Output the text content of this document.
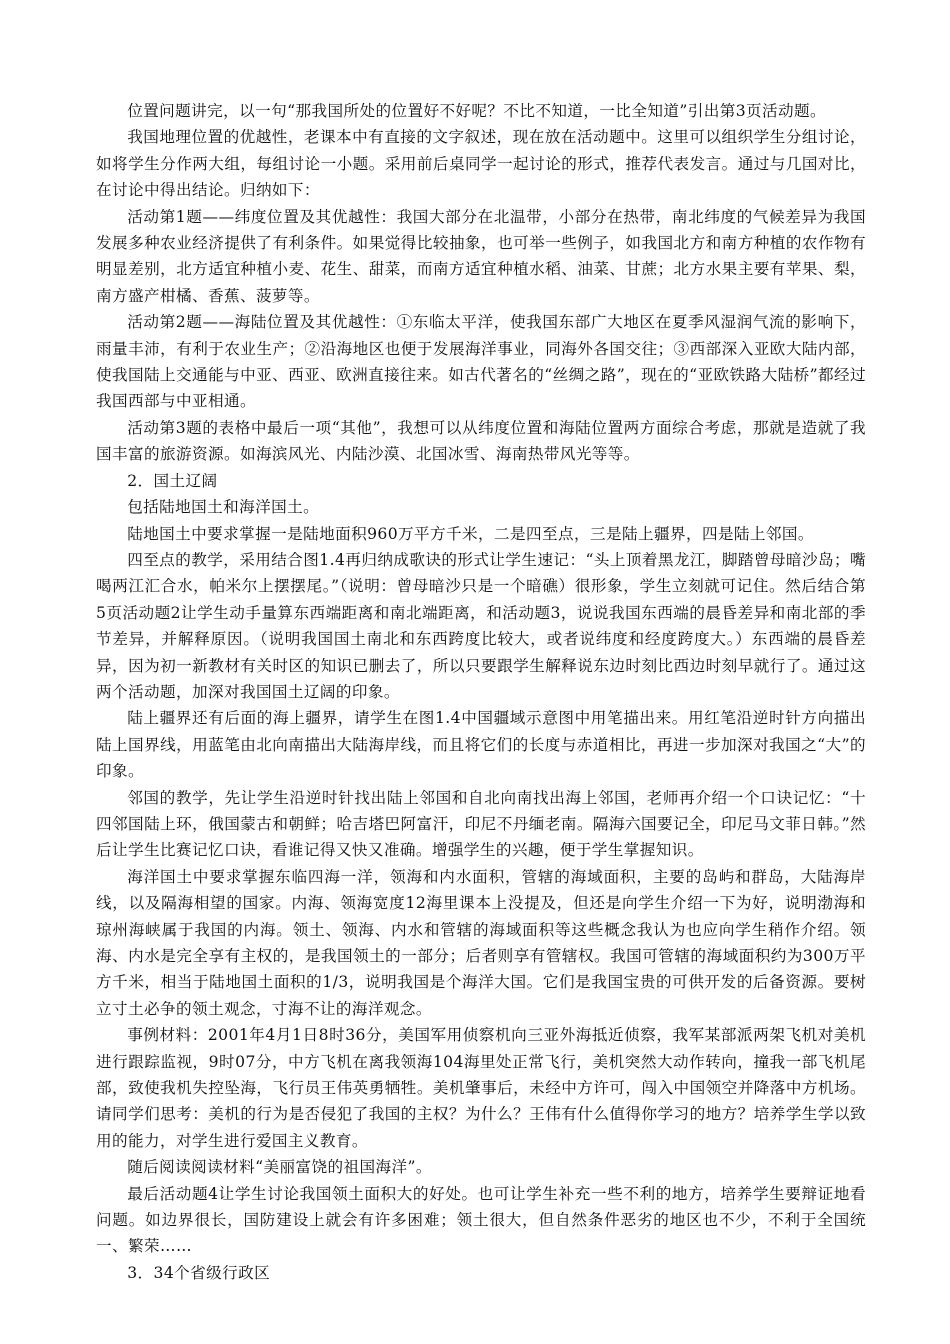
位置问题讲完，以一句“那我国所处的位置好不好呢？不比不知道，一比全知道”引出第3页活动题。

我国地理位置的优越性，老课本中有直接的文字叙述，现在放在活动题中。这里可以组织学生分组讨论，如将学生分作两大组，每组讨论一小题。采用前后桌同学一起讨论的形式，推荐代表发言。通过与几国对比，在讨论中得出结论。归纳如下：

活动第1题——纬度位置及其优越性：我国大部分在北温带，小部分在热带，南北纬度的气候差异为我国发展多种农业经济提供了有利条件。如果觉得比较抽象，也可举一些例子，如我国北方和南方种植的农作物有明显差别，北方适宜种植小麦、花生、甜菜，而南方适宜种植水稻、油菜、甘蔗；北方水果主要有苹果、梨，南方盛产柑橘、香蕉、菠萝等。

活动第2题——海陆位置及其优越性：①东临太平洋，使我国东部广大地区在夏季风湿润气流的影响下，雨量丰沛，有利于农业生产；②沿海地区也便于发展海洋事业，同海外各国交往；③西部深入亚欧大陆内部，使我国陆上交通能与中亚、西亚、欧洲直接往来。如古代著名的“丝绸之路”，现在的“亚欧铁路大陆桥”都经过我国西部与中亚相通。

活动第3题的表格中最后一项“其他”，我想可以从纬度位置和海陆位置两方面综合考虑，那就是造就了我国丰富的旅游资源。如海滨风光、内陆沙漠、北国冰雪、海南热带风光等等。

2．国土辽阔

包括陆地国土和海洋国土。

陆地国土中要求掌握一是陆地面积960万平方千米，二是四至点，三是陆上疆界，四是陆上邻国。

四至点的教学，采用结合图1.4再归纳成歌诀的形式让学生速记：“头上顶着黑龙江，脚踏曾母暗沙岛；嘴喝两江汇合水，帕米尔上摆摆尾。”（说明：曾母暗沙只是一个暗礁）很形象，学生立刻就可记住。然后结合第5页活动题2让学生动手量算东西端距离和南北端距离，和活动题3，说说我国东西端的晨昏差异和南北部的季节差异，并解释原因。（说明我国国土南北和东西跨度比较大，或者说纬度和经度跨度大。）东西端的晨昏差异，因为初一新教材有关时区的知识已删去了，所以只要跟学生解释说东边时刻比西边时刻早就行了。通过这两个活动题，加深对我国国土辽阔的印象。

陆上疆界还有后面的海上疆界，请学生在图1.4中国疆域示意图中用笔描出来。用红笔沿逆时针方向描出陆上国界线，用蓝笔由北向南描出大陆海岸线，而且将它们的长度与赤道相比，再进一步加深对我国之“大”的印象。

邻国的教学，先让学生沿逆时针找出陆上邻国和自北向南找出海上邻国，老师再介绍一个口诀记忆：“十四邻国陆上环，俄国蒙古和朝鲜；哈吉塔巴阿富汗，印尼不丹缅老南。隔海六国要记全，印尼马文菲日韩。”然后让学生比赛记忆口诀，看谁记得又快又准确。增强学生的兴趣，便于学生掌握知识。

海洋国土中要求掌握东临四海一洋，领海和内水面积，管辖的海域面积，主要的岛屿和群岛，大陆海岸线，以及隔海相望的国家。内海、领海宽度12海里课本上没提及，但还是向学生介绍一下为好，说明渤海和琼州海峡属于我国的内海。领土、领海、内水和管辖的海域面积等这些概念我认为也应向学生稍作介绍。领海、内水是完全享有主权的，是我国领土的一部分；后者则享有管辖权。我国可管辖的海域面积约为300万平方千米，相当于陆地国土面积的1/3，说明我国是个海洋大国。它们是我国宝贵的可供开发的后备资源。要树立寸土必争的领土观念，寸海不让的海洋观念。

事例材料：2001年4月1日8时36分，美国军用侦察机向三亚外海抵近侦察，我军某部派两架飞机对美机进行跟踪监视，9时07分，中方飞机在离我领海104海里处正常飞行，美机突然大动作转向，撞我一部飞机尾部，致使我机失控坠海，飞行员王伟英勇牺牲。美机肇事后，未经中方许可，闯入中国领空并降落中方机场。请同学们思考：美机的行为是否侵犯了我国的主权？为什么？王伟有什么值得你学习的地方？培养学生学以致用的能力，对学生进行爱国主义教育。

随后阅读阅读材料“美丽富饶的祖国海洋”。

最后活动题4让学生讨论我国领土面积大的好处。也可让学生补充一些不利的地方，培养学生要辩证地看问题。如边界很长，国防建设上就会有许多困难；领土很大，但自然条件恶劣的地区也不少，不利于全国统一、繁荣……

3．34个省级行政区
